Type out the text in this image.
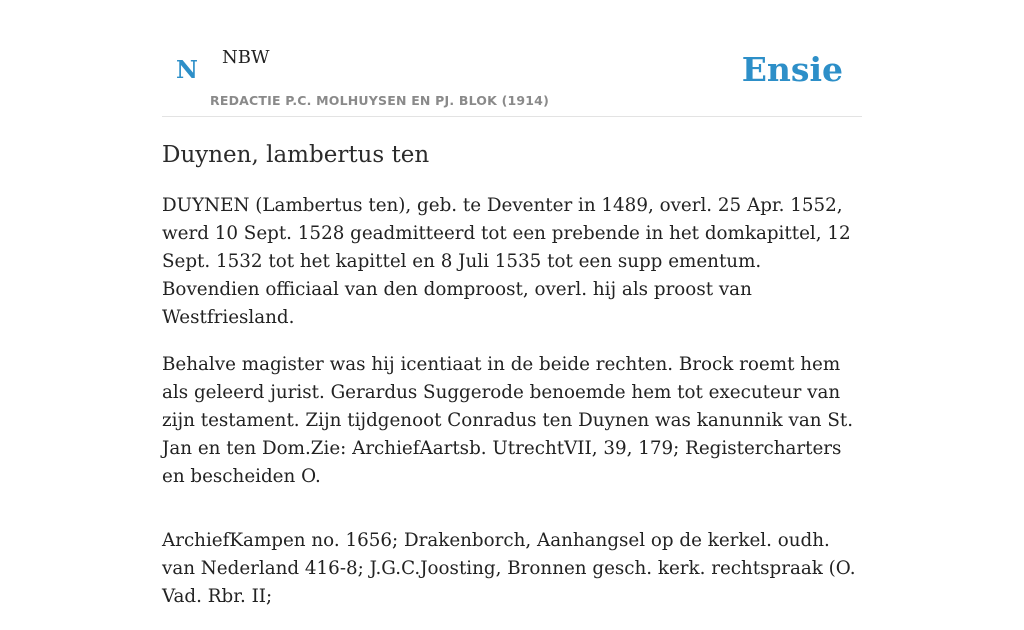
N NBW
REDACTIE P.C. MOLHUYSEN EN PJ. BLOK (1914)
Ensie
Duynen, lambertus ten

DUYNEN (Lambertus ten), geb. te Deventer in 1489, overl. 25 Apr. 1552, werd 10 Sept. 1528 geadmitteerd tot een prebende in het domkapittel, 12 Sept. 1532 tot het kapittel en 8 Juli 1535 tot een supp ementum. Bovendien officiaal van den domproost, overl. hij als proost van Westfriesland.

Behalve magister was hij icentiaat in de beide rechten. Brock roemt hem als geleerd jurist. Gerardus Suggerode benoemde hem tot executeur van zijn testament. Zijn tijdgenoot Conradus ten Duynen was kanunnik van St. Jan en ten Dom.Zie: ArchiefAartsb. UtrechtVII, 39, 179; Registercharters en bescheiden O.

ArchiefKampen no. 1656; Drakenborch, Aanhangsel op de kerkel. oudh. van Nederland 416-8; J.G.C.Joosting, Bronnen gesch. kerk. rechtspraak (O. Vad. Rbr. II;
